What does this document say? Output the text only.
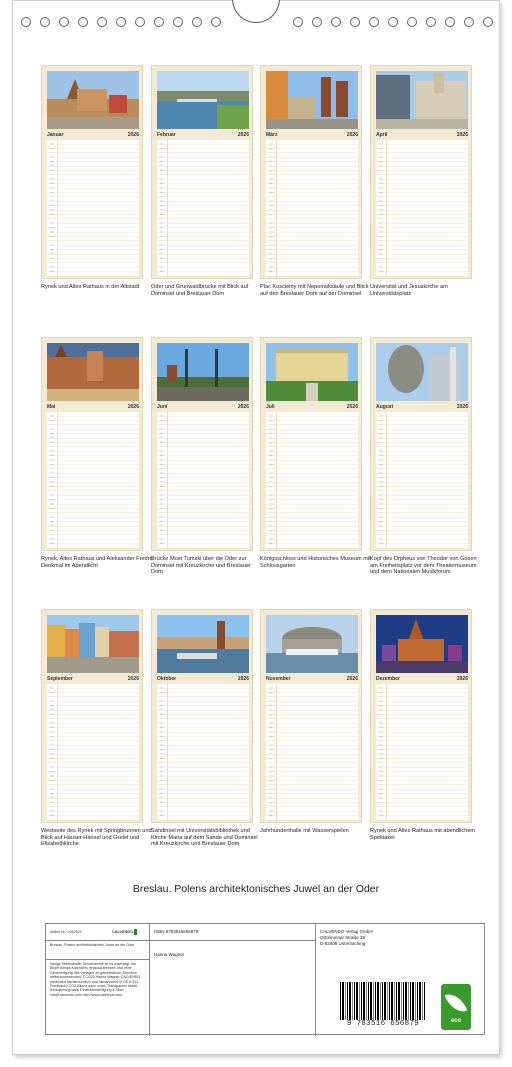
Januar	2026
Rynek und Altes Rathaus in der Altstadt
Februar	2026
Oder und Grunwaldbrücke mit Blick auf Dominsel und Breslauer Dom
März	2026
Plac Koscielny mit Nepomuksäule und Blick auf den Breslauer Dom auf der Dominsel
April	2026
Universität und Jesuskirche am Universitätsplatz
Mai	2026
Rynek, Altes Rathaus und Aleksander Fredro Denkmal im Abendlicht
Juni	2026
Brücke Most Tumski über die Oder zur Dominsel mit Kreuzkirche und Breslauer Dom
Juli	2026
Königsschloss und Historisches Museum mit Schlossgarten
August	2026
Kopf des Orpheus von Theodor von Gosen am Freiheitsplatz vor dem Theatermuseum und dem Nationalen Musikforum
September	2026
Westseite des Rynek mit Springbrunnen und Blick auf Häuser Hänsel und Gretel und Elisabethkirche
Oktober	2026
Sandinsel mit Universitätsbibliothek und Kirche Maria auf dem Sande und Dominsel mit Kreuzkirche und Breslauer Dom
November	2026
Jahrhunderthalle mit Wasserspielen
Dezember	2026
Rynek und Altes Rathaus mit abendlichem Spektakel
Breslau. Polens architektonisches Juwel an der Oder
Artikel Nr.: 2062604	CALVENDO
Breslau. Polens architektonisches Juwel an der Oder
Infolge bestehender Schutzrechte ist es untersagt, die Bilder dieses Kalenders herauszutrennen und ohne Genehmigung des Verlages zu gewerblichen Zwecken weiterzuverwenden. © 2025 Hanna Wagner CALVENDO produziert klimafreundlich und klimaneutral in DE & EU. Feedback? CO2-Bilanz dazu unter: Transparenz Abfall-Reduzierung dank Eindruckbeteiligung E-Mail: info@calvendo.com http://www.calvendo.com
ISBN 9783516656879
Hanna Wagner
CALVENDO Verlag GmbH
Ottobrunner Straße 39
D-82008 Unterhaching
9 783516 656879	eco
